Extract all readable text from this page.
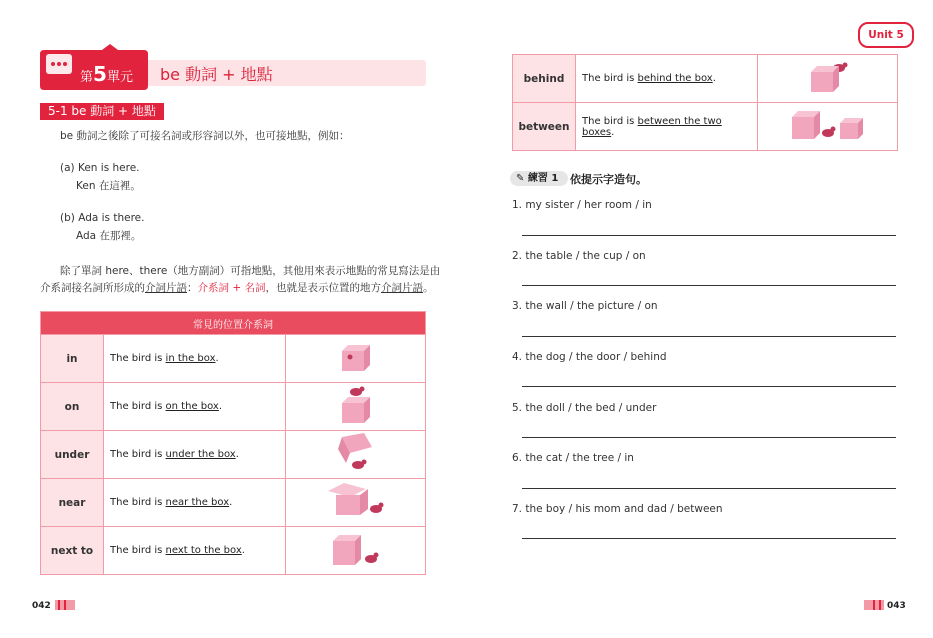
第5單元 be 動詞 + 地點
5-1 be 動詞 + 地點
be 動詞之後除了可接名詞或形容詞以外，也可接地點，例如：
(a) Ken is here.
Ken 在這裡。
(b) Ada is there.
Ada 在那裡。
除了單詞 here、there（地方副詞）可指地點，其他用來表示地點的常見寫法是由
介系詞接名詞所形成的介詞片語：介系詞 + 名詞，也就是表示位置的地方介詞片語。
常見的位置介系詞		
in	The bird is in the box.	
on	The bird is on the box.	
under	The bird is under the box.	
near	The bird is near the box.	
next to	The bird is next to the box.	
042
Unit 5
behind	The bird is behind the box.	
between	The bird is between the two boxes.	
✎ 練習 1	依提示字造句。
1. my sister / her room / in
2. the table / the cup / on
3. the wall / the picture / on
4. the dog / the door / behind
5. the doll / the bed / under
6. the cat / the tree / in
7. the boy / his mom and dad / between
043
